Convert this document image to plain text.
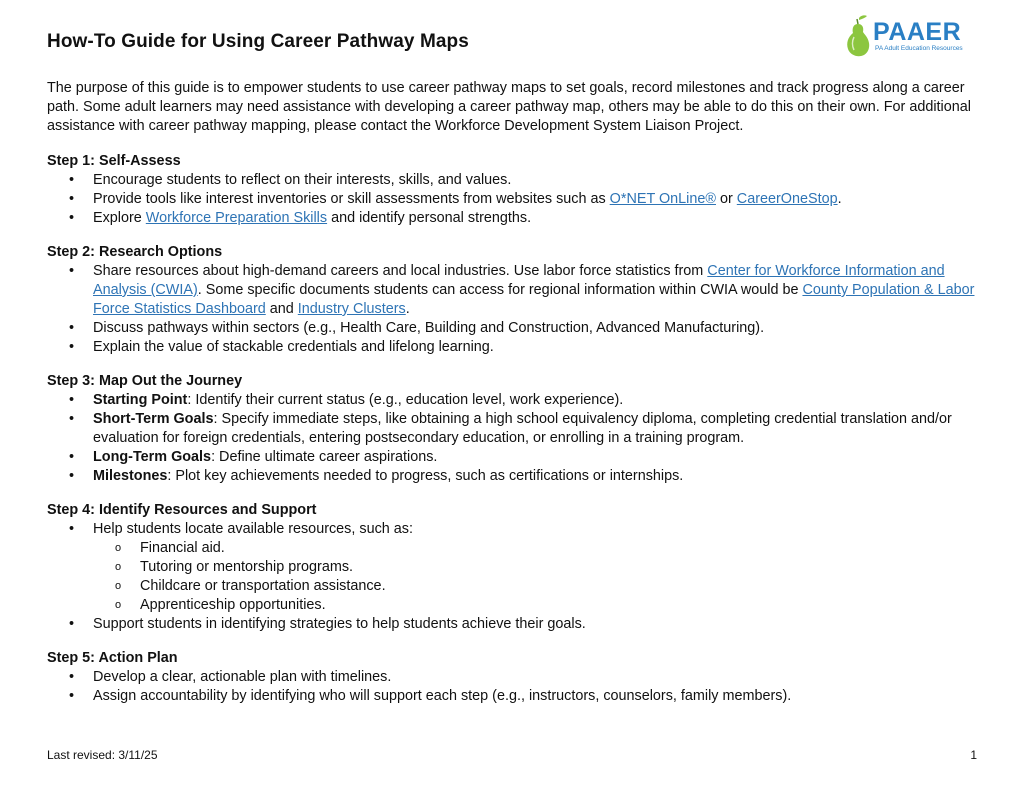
How-To Guide for Using Career Pathway Maps	PAAER
PA Adult Education Resources

The purpose of this guide is to empower students to use career pathway maps to set goals, record milestones and track progress along a career path. Some adult learners may need assistance with developing a career pathway map, others may be able to do this on their own. For additional assistance with career pathway mapping, please contact the Workforce Development System Liaison Project.

Step 1: Self-Assess

• Encourage students to reflect on their interests, skills, and values.
• Provide tools like interest inventories or skill assessments from websites such as O*NET OnLine® or CareerOneStop.
• Explore Workforce Preparation Skills and identify personal strengths.

Step 2: Research Options

• Share resources about high-demand careers and local industries. Use labor force statistics from Center for Workforce Information and Analysis (CWIA). Some specific documents students can access for regional information within CWIA would be County Population & Labor Force Statistics Dashboard and Industry Clusters.
• Discuss pathways within sectors (e.g., Health Care, Building and Construction, Advanced Manufacturing).
• Explain the value of stackable credentials and lifelong learning.

Step 3: Map Out the Journey

• Starting Point: Identify their current status (e.g., education level, work experience).
• Short-Term Goals: Specify immediate steps, like obtaining a high school equivalency diploma, completing credential translation and/or evaluation for foreign credentials, entering postsecondary education, or enrolling in a training program.
• Long-Term Goals: Define ultimate career aspirations.
• Milestones: Plot key achievements needed to progress, such as certifications or internships.

Step 4: Identify Resources and Support

• Help students locate available resources, such as:
o Financial aid.
o Tutoring or mentorship programs.
o Childcare or transportation assistance.
o Apprenticeship opportunities.
• Support students in identifying strategies to help students achieve their goals.

Step 5: Action Plan

• Develop a clear, actionable plan with timelines.
• Assign accountability by identifying who will support each step (e.g., instructors, counselors, family members).
Last revised: 3/11/25	1
